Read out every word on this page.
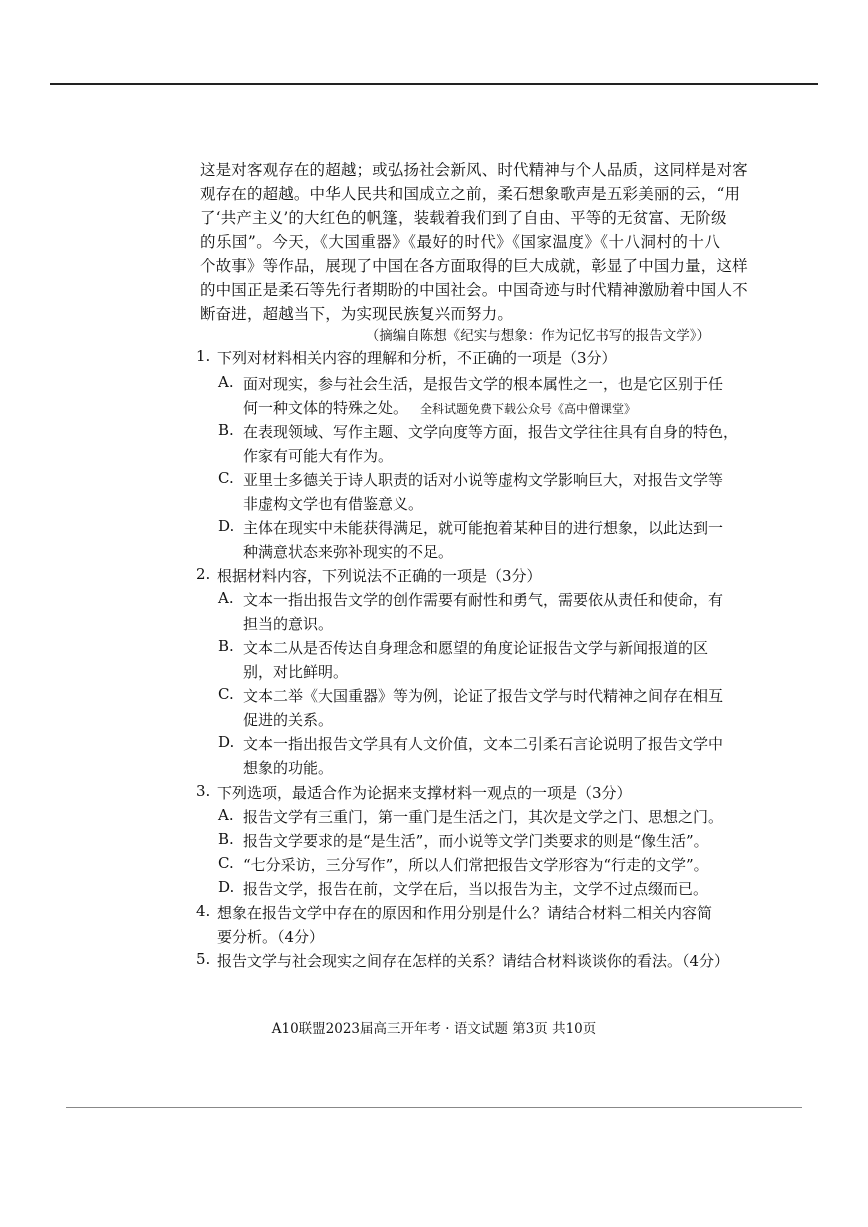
这是对客观存在的超越；或弘扬社会新风、时代精神与个人品质，这同样是对客
观存在的超越。中华人民共和国成立之前，柔石想象歌声是五彩美丽的云，“用
了‘共产主义’的大红色的帆篷，装载着我们到了自由、平等的无贫富、无阶级
的乐国”。今天，《大国重器》《最好的时代》《国家温度》《十八洞村的十八
个故事》等作品，展现了中国在各方面取得的巨大成就，彰显了中国力量，这样
的中国正是柔石等先行者期盼的中国社会。中国奇迹与时代精神激励着中国人不
断奋进，超越当下，为实现民族复兴而努力。
（摘编自陈想《纪实与想象：作为记忆书写的报告文学》）
1. 下列对材料相关内容的理解和分析，不正确的一项是（3分）
A. 面对现实，参与社会生活，是报告文学的根本属性之一，也是它区别于任
何一种文体的特殊之处。 全科试题免费下载公众号《高中僧课堂》
B. 在表现领域、写作主题、文学向度等方面，报告文学往往具有自身的特色，
作家有可能大有作为。
C. 亚里士多德关于诗人职责的话对小说等虚构文学影响巨大，对报告文学等
非虚构文学也有借鉴意义。
D. 主体在现实中未能获得满足，就可能抱着某种目的进行想象，以此达到一
种满意状态来弥补现实的不足。
2. 根据材料内容，下列说法不正确的一项是（3分）
A. 文本一指出报告文学的创作需要有耐性和勇气，需要依从责任和使命，有
担当的意识。
B. 文本二从是否传达自身理念和愿望的角度论证报告文学与新闻报道的区
别，对比鲜明。
C. 文本二举《大国重器》等为例，论证了报告文学与时代精神之间存在相互
促进的关系。
D. 文本一指出报告文学具有人文价值，文本二引柔石言论说明了报告文学中
想象的功能。
3. 下列选项，最适合作为论据来支撑材料一观点的一项是（3分）
A. 报告文学有三重门，第一重门是生活之门，其次是文学之门、思想之门。
B. 报告文学要求的是“是生活”，而小说等文学门类要求的则是“像生活”。
C. “七分采访，三分写作”，所以人们常把报告文学形容为“行走的文学”。
D. 报告文学，报告在前，文学在后，当以报告为主，文学不过点缀而已。
4. 想象在报告文学中存在的原因和作用分别是什么？请结合材料二相关内容简
要分析。（4分）
5. 报告文学与社会现实之间存在怎样的关系？请结合材料谈谈你的看法。（4分）
A10联盟2023届高三开年考 · 语文试题 第3页 共10页
